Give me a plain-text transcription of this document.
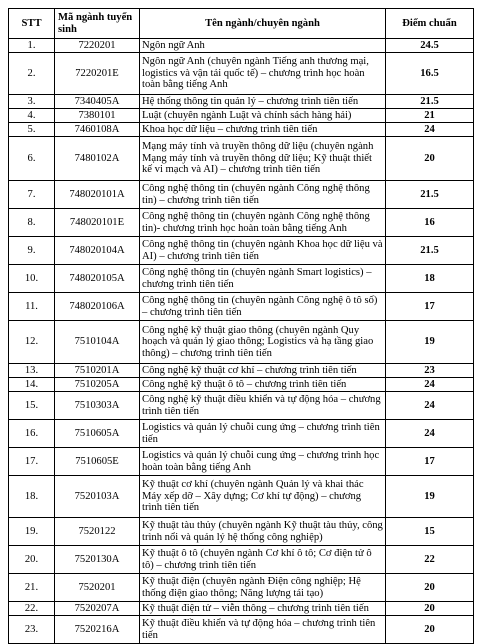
STT	Mã ngành tuyển sinh	Tên ngành/chuyên ngành	Điểm chuẩn
1.	7220201	Ngôn ngữ Anh	24.5
2.	7220201E	Ngôn ngữ Anh (chuyên ngành Tiếng anh thương mại, logistics và vận tải quốc tế) – chương trình học hoàn toàn bằng tiếng Anh	16.5
3.	7340405A	Hệ thống thông tin quản lý – chương trình tiên tiến	21.5
4.	7380101	Luật (chuyên ngành Luật và chính sách hàng hải)	21
5.	7460108A	Khoa học dữ liệu – chương trình tiên tiến	24
6.	7480102A	Mạng máy tính và truyền thông dữ liệu (chuyên ngành Mạng máy tính và truyền thông dữ liệu; Kỹ thuật thiết kế vi mạch và AI) – chương trình tiên tiến	20
7.	748020101A	Công nghệ thông tin (chuyên ngành Công nghệ thông tin) – chương trình tiên tiến	21.5
8.	748020101E	Công nghệ thông tin (chuyên ngành Công nghệ thông tin)- chương trình học hoàn toàn bằng tiếng Anh	16
9.	748020104A	Công nghệ thông tin (chuyên ngành Khoa học dữ liệu và AI) – chương trình tiên tiến	21.5
10.	748020105A	Công nghệ thông tin (chuyên ngành Smart logistics) – chương trình tiên tiến	18
11.	748020106A	Công nghệ thông tin (chuyên ngành Công nghệ ô tô số) – chương trình tiên tiến	17
12.	7510104A	Công nghệ kỹ thuật giao thông (chuyên ngành Quy hoạch và quản lý giao thông; Logistics và hạ tầng giao thông) – chương trình tiên tiến	19
13.	7510201A	Công nghệ kỹ thuật cơ khí – chương trình tiên tiến	23
14.	7510205A	Công nghệ kỹ thuật ô tô – chương trình tiên tiến	24
15.	7510303A	Công nghệ kỹ thuật điều khiển và tự động hóa – chương trình tiên tiến	24
16.	7510605A	Logistics và quản lý chuỗi cung ứng – chương trình tiên tiến	24
17.	7510605E	Logistics và quản lý chuỗi cung ứng – chương trình học hoàn toàn bằng tiếng Anh	17
18.	7520103A	Kỹ thuật cơ khí (chuyên ngành Quản lý và khai thác Máy xếp dỡ – Xây dựng; Cơ khí tự động) – chương trình tiên tiến	19
19.	7520122	Kỹ thuật tàu thủy (chuyên ngành Kỹ thuật tàu thủy, công trình nổi và quản lý hệ thống công nghiệp)	15
20.	7520130A	Kỹ thuật ô tô (chuyên ngành Cơ khí ô tô; Cơ điện tử ô tô) – chương trình tiên tiến	22
21.	7520201	Kỹ thuật điện (chuyên ngành Điện công nghiệp; Hệ thống điện giao thông; Năng lượng tái tạo)	20
22.	7520207A	Kỹ thuật điện tử – viễn thông – chương trình tiên tiến	20
23.	7520216A	Kỹ thuật điều khiển và tự động hóa – chương trình tiên tiến	20
